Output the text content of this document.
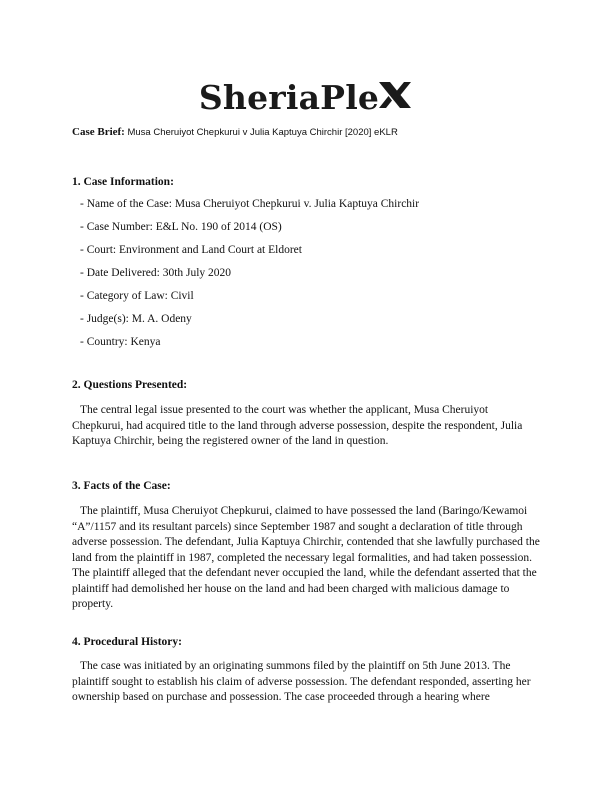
SheriaPle
Case Brief: Musa Cheruiyot Chepkurui v Julia Kaptuya Chirchir [2020] eKLR
1. Case Information:
- Name of the Case: Musa Cheruiyot Chepkurui v. Julia Kaptuya Chirchir
- Case Number: E&L No. 190 of 2014 (OS)
- Court: Environment and Land Court at Eldoret
- Date Delivered: 30th July 2020
- Category of Law: Civil
- Judge(s): M. A. Odeny
- Country: Kenya
2. Questions Presented:

The central legal issue presented to the court was whether the applicant, Musa Cheruiyot Chepkurui, had acquired title to the land through adverse possession, despite the respondent, Julia Kaptuya Chirchir, being the registered owner of the land in question.

3. Facts of the Case:

The plaintiff, Musa Cheruiyot Chepkurui, claimed to have possessed the land (Baringo/Kewamoi “A”/1157 and its resultant parcels) since September 1987 and sought a declaration of title through adverse possession. The defendant, Julia Kaptuya Chirchir, contended that she lawfully purchased the land from the plaintiff in 1987, completed the necessary legal formalities, and had taken possession. The plaintiff alleged that the defendant never occupied the land, while the defendant asserted that the plaintiff had demolished her house on the land and had been charged with malicious damage to property.

4. Procedural History:

The case was initiated by an originating summons filed by the plaintiff on 5th June 2013. The plaintiff sought to establish his claim of adverse possession. The defendant responded, asserting her ownership based on purchase and possession. The case proceeded through a hearing where
